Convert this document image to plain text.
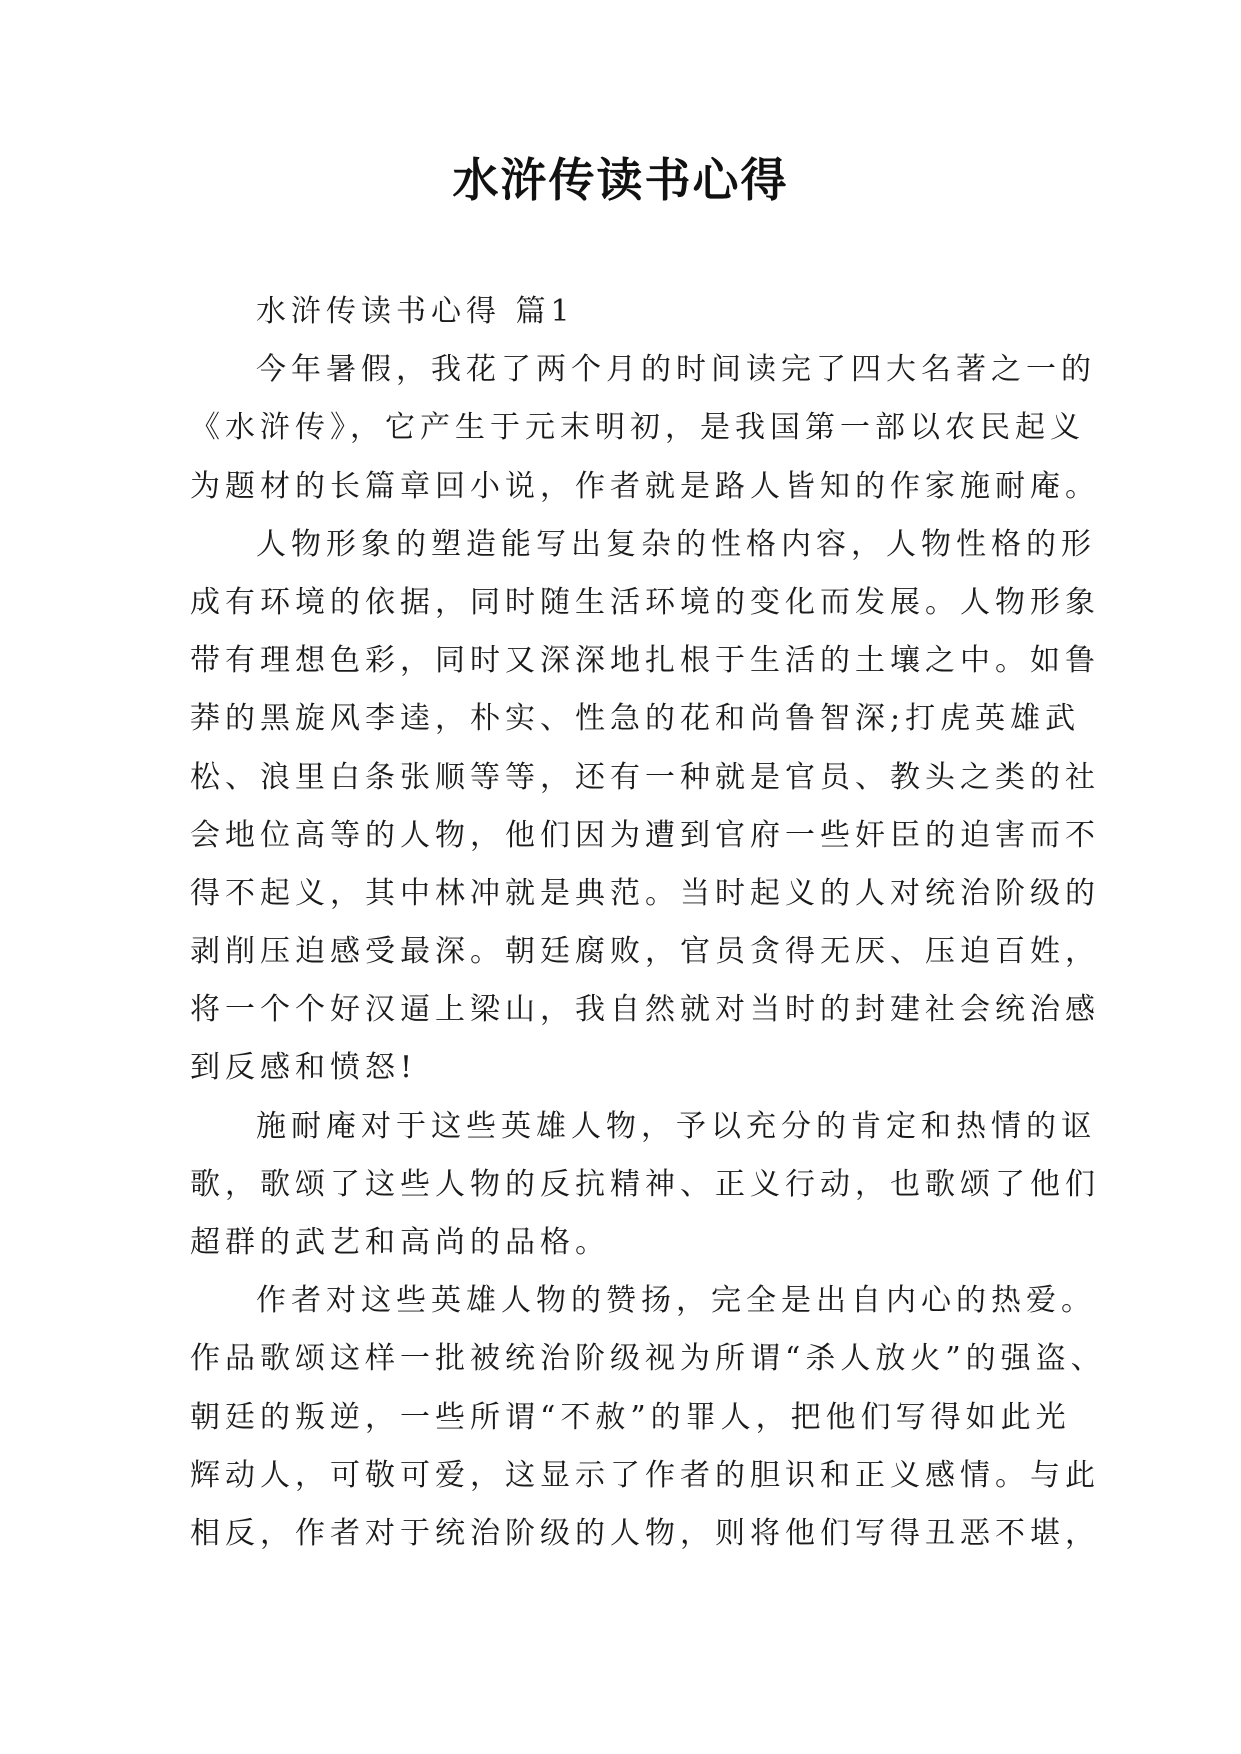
水浒传读书心得
水浒传读书心得 篇1
今年暑假，我花了两个月的时间读完了四大名著之一的
《水浒传》，它产生于元末明初，是我国第一部以农民起义
为题材的长篇章回小说，作者就是路人皆知的作家施耐庵。
人物形象的塑造能写出复杂的性格内容，人物性格的形
成有环境的依据，同时随生活环境的变化而发展。人物形象
带有理想色彩，同时又深深地扎根于生活的土壤之中。如鲁
莽的黑旋风李逵，朴实、性急的花和尚鲁智深;打虎英雄武
松、浪里白条张顺等等，还有一种就是官员、教头之类的社
会地位高等的人物，他们因为遭到官府一些奸臣的迫害而不
得不起义，其中林冲就是典范。当时起义的人对统治阶级的
剥削压迫感受最深。朝廷腐败，官员贪得无厌、压迫百姓，
将一个个好汉逼上梁山，我自然就对当时的封建社会统治感
到反感和愤怒!
施耐庵对于这些英雄人物，予以充分的肯定和热情的讴
歌，歌颂了这些人物的反抗精神、正义行动，也歌颂了他们
超群的武艺和高尚的品格。
作者对这些英雄人物的赞扬，完全是出自内心的热爱。
作品歌颂这样一批被统治阶级视为所谓“杀人放火”的强盗、
朝廷的叛逆，一些所谓“不赦”的罪人，把他们写得如此光
辉动人，可敬可爱，这显示了作者的胆识和正义感情。与此
相反，作者对于统治阶级的人物，则将他们写得丑恶不堪，
